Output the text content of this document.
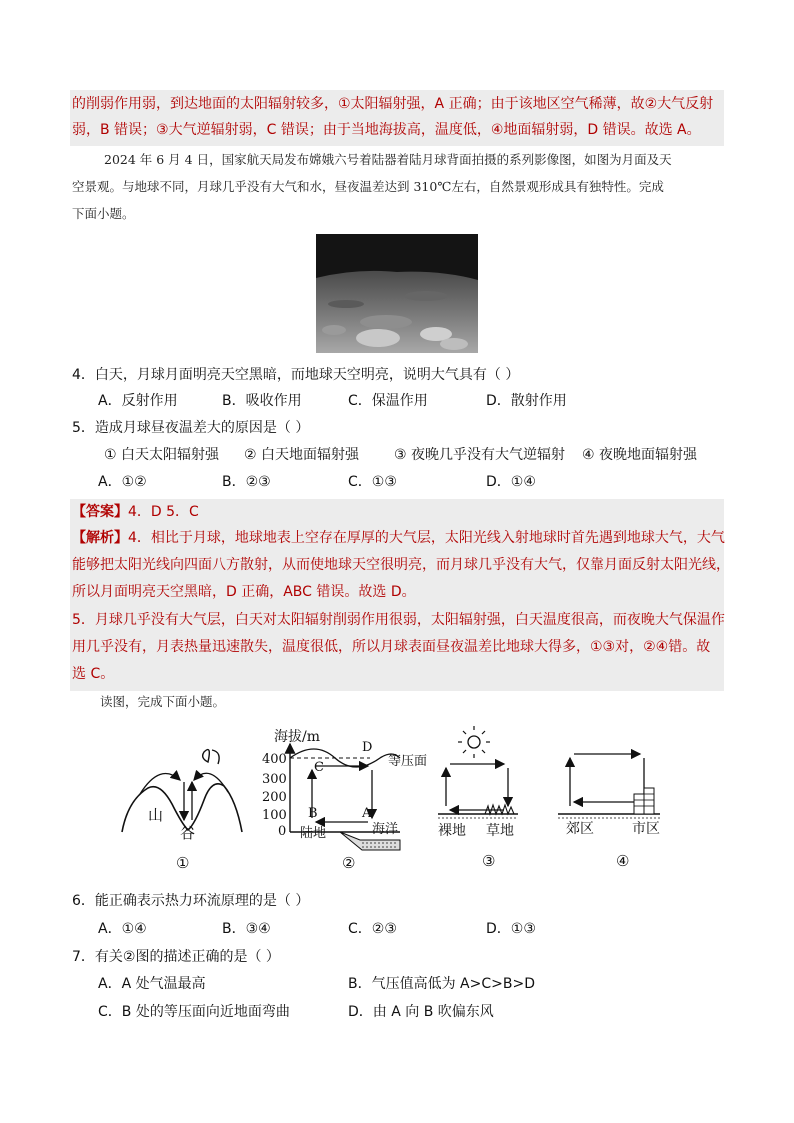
的削弱作用弱，到达地面的太阳辐射较多，①太阳辐射强，A 正确；由于该地区空气稀薄，故②大气反射
弱，B 错误；③大气逆辐射弱，C 错误；由于当地海拔高，温度低，④地面辐射弱，D 错误。故选 A。
2024 年 6 月 4 日，国家航天局发布嫦娥六号着陆器着陆月球背面拍摄的系列影像图，如图为月面及天
空景观。与地球不同，月球几乎没有大气和水，昼夜温差达到 310℃左右，自然景观形成具有独特性。完成
下面小题。
4．白天，月球月面明亮天空黑暗，而地球天空明亮，说明大气具有（ ）
A．反射作用	B．吸收作用	C．保温作用	D．散射作用
5．造成月球昼夜温差大的原因是（ ）
① 白天太阳辐射强 ② 白天地面辐射强 ③ 夜晚几乎没有大气逆辐射 ④ 夜晚地面辐射强
A．①②	B．②③	C．①③	D．①④
【答案】4．D 5．C
【解析】4．相比于月球，地球地表上空存在厚厚的大气层，太阳光线入射地球时首先遇到地球大气，大气
能够把太阳光线向四面八方散射，从而使地球天空很明亮，而月球几乎没有大气，仅靠月面反射太阳光线，
所以月面明亮天空黑暗，D 正确，ABC 错误。故选 D。
5．月球几乎没有大气层，白天对太阳辐射削弱作用很弱，太阳辐射强，白天温度很高，而夜晚大气保温作
用几乎没有，月表热量迅速散失，温度很低，所以月球表面昼夜温差比地球大得多，①③对，②④错。故
选 C。
读图，完成下面小题。
山
谷
①
海拔/m
400
300
200
100
0
等压面
D
C
B	A
陆地	海洋
②
裸地 草地
③
郊区	市区
④
6．能正确表示热力环流原理的是（ ）
A．①④	B．③④	C．②③	D．①③
7．有关②图的描述正确的是（ ）
A．A 处气温最高	B．气压值高低为 A>C>B>D
C．B 处的等压面向近地面弯曲	D．由 A 向 B 吹偏东风
